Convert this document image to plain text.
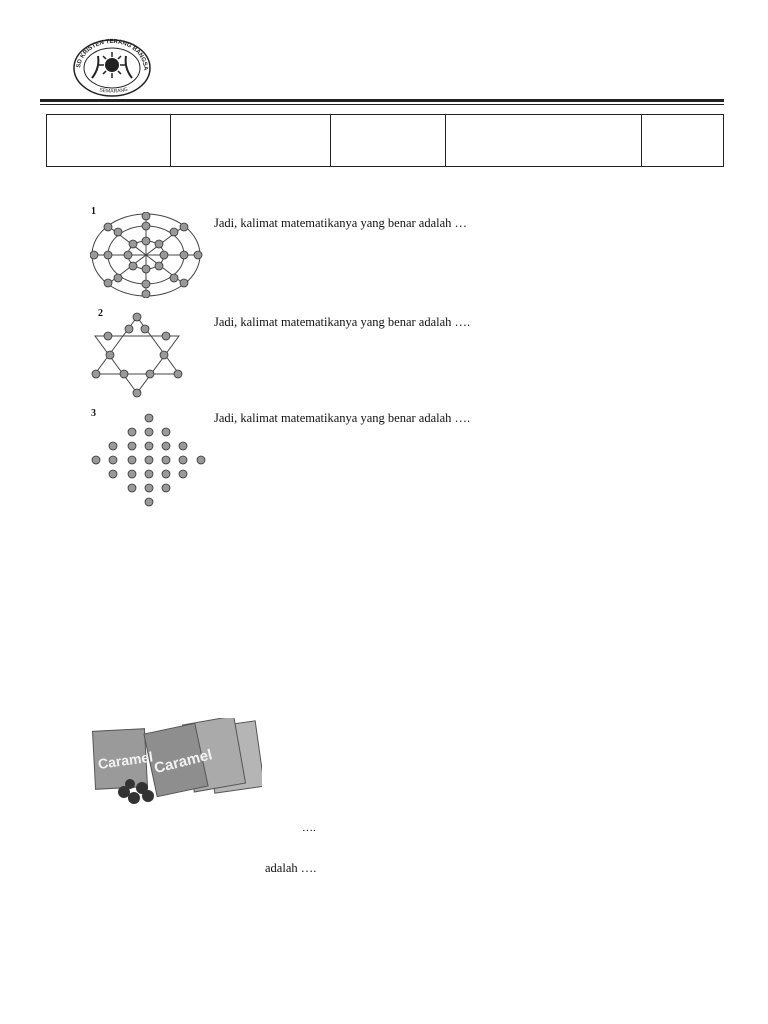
SD KRISTEN TERANG BANGSA
SEMARANG

1
Jadi, kalimat matematikanya yang benar adalah …
2
Jadi, kalimat matematikanya yang benar adalah ….
3	Jadi, kalimat matematikanya yang benar adalah ….
Caramel
Caramel
….
adalah ….
